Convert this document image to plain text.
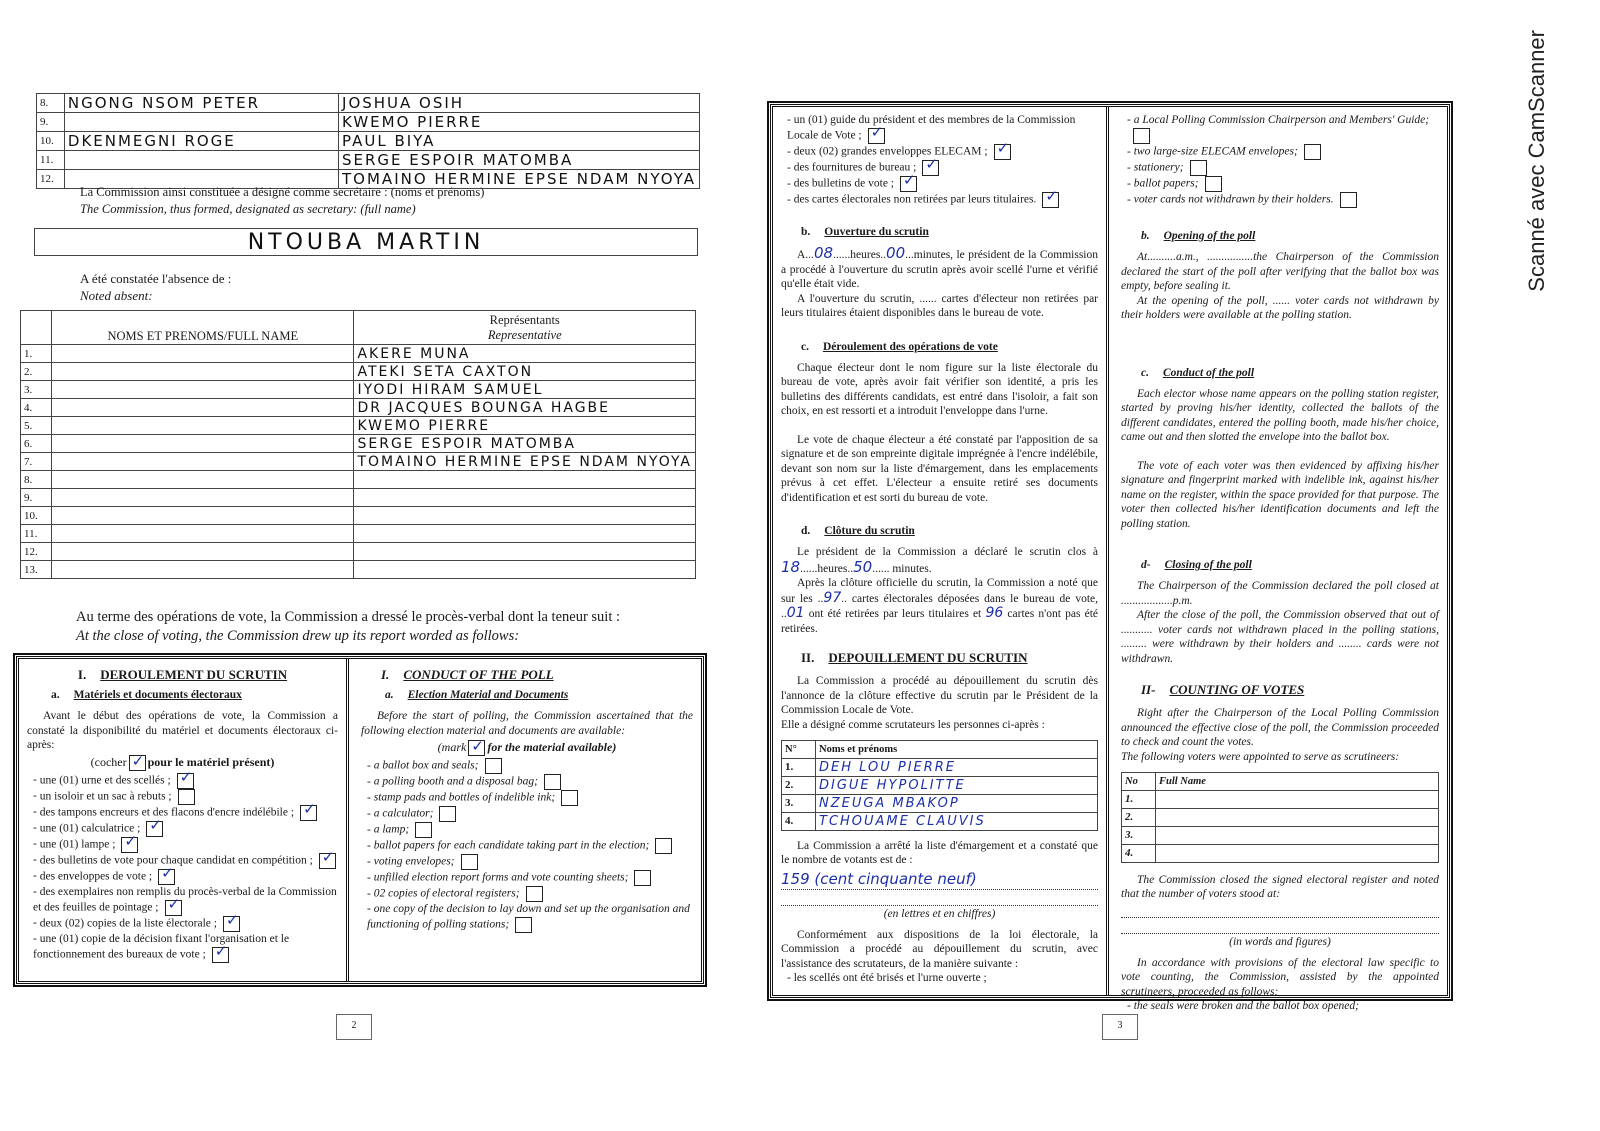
8.	NGONG NSOM PETER	JOSHUA OSIH
9.		KWEMO PIERRE
10.	DKENMEGNI ROGE	PAUL BIYA
11.		SERGE ESPOIR MATOMBA
12.		TOMAINO HERMINE EPSE NDAM NYOYA
La Commission ainsi constituée a désigné comme secrétaire : (noms et prénoms)
The Commission, thus formed, designated as secretary: (full name)
NTOUBA MARTIN
A été constatée l'absence de :
Noted absent:
	NOMS ET PRENOMS/FULL NAME	Représentants
Representative

1.		AKERE MUNA
2.		ATEKI SETA CAXTON
3.		IYODI HIRAM SAMUEL
4.		DR JACQUES BOUNGA HAGBE
5.		KWEMO PIERRE
6.		SERGE ESPOIR MATOMBA
7.		TOMAINO HERMINE EPSE NDAM NYOYA
8.		
9.		
10.		
11.		
12.		
13.		
Au terme des opérations de vote, la Commission a dressé le procès-verbal dont la teneur suit :
At the close of voting, the Commission drew up its report worded as follows:
I. DEROULEMENT DU SCRUTIN
a. Matériels et documents électoraux
Avant le début des opérations de vote, la Commission a constaté la disponibilité du matériel et documents électoraux ci-après:
(cocher ✓ pour le matériel présent)
- une (01) urne et des scellés ;✓
- un isoloir et un sac à rebuts ;
- des tampons encreurs et des flacons d'encre indélébile ;✓
- une (01) calculatrice ;✓
- une (01) lampe ;✓
- des bulletins de vote pour chaque candidat en compétition ;✓
- des enveloppes de vote ;✓
- des exemplaires non remplis du procès-verbal de la Commission et des feuilles de pointage ;✓
- deux (02) copies de la liste électorale ;✓
- une (01) copie de la décision fixant l'organisation et le fonctionnement des bureaux de vote ;✓
I. CONDUCT OF THE POLL
a. Election Material and Documents
Before the start of polling, the Commission ascertained that the following election material and documents are available:
(mark ✓ for the material available)
- a ballot box and seals;
- a polling booth and a disposal bag;
- stamp pads and bottles of indelible ink;
- a calculator;
- a lamp;
- ballot papers for each candidate taking part in the election;
- voting envelopes;
- unfilled election report forms and vote counting sheets;
- 02 copies of electoral registers;
- one copy of the decision to lay down and set up the organisation and functioning of polling stations;
2
- un (01) guide du président et des membres de la Commission Locale de Vote ;✓
- deux (02) grandes enveloppes ELECAM ;✓
- des fournitures de bureau ;✓
- des bulletins de vote ;✓
- des cartes électorales non retirées par leurs titulaires.✓
b. Ouverture du scrutin
A...08......heures..00...minutes, le président de la Commission a procédé à l'ouverture du scrutin après avoir scellé l'urne et vérifié qu'elle était vide.
A l'ouverture du scrutin, ...... cartes d'électeur non retirées par leurs titulaires étaient disponibles dans le bureau de vote.
c. Déroulement des opérations de vote
Chaque électeur dont le nom figure sur la liste électorale du bureau de vote, après avoir fait vérifier son identité, a pris les bulletins des différents candidats, est entré dans l'isoloir, a fait son choix, en est ressorti et a introduit l'enveloppe dans l'urne.
Le vote de chaque électeur a été constaté par l'apposition de sa signature et de son empreinte digitale imprégnée à l'encre indélébile, devant son nom sur la liste d'émargement, dans les emplacements prévus à cet effet. L'électeur a ensuite retiré ses documents d'identification et est sorti du bureau de vote.
d. Clôture du scrutin
Le président de la Commission a déclaré le scrutin clos à 18......heures..50...... minutes.
Après la clôture officielle du scrutin, la Commission a noté que sur les ..97.. cartes électorales déposées dans le bureau de vote, ..01 ont été retirées par leurs titulaires et 96 cartes n'ont pas été retirées.
II. DEPOUILLEMENT DU SCRUTIN
La Commission a procédé au dépouillement du scrutin dès l'annonce de la clôture effective du scrutin par le Président de la Commission Locale de Vote.
Elle a désigné comme scrutateurs les personnes ci-après :
N°	Noms et prénoms
1.	DEH LOU PIERRE
2.	DIGUE HYPOLITTE
3.	NZEUGA MBAKOP
4.	TCHOUAME CLAUVIS
La Commission a arrêté la liste d'émargement et a constaté que le nombre de votants est de :
159 (cent cinquante neuf)
(en lettres et en chiffres)
Conformément aux dispositions de la loi électorale, la Commission a procédé au dépouillement du scrutin, avec l'assistance des scrutateurs, de la manière suivante :
- les scellés ont été brisés et l'urne ouverte ;
- a Local Polling Commission Chairperson and Members' Guide;
- two large-size ELECAM envelopes;
- stationery;
- ballot papers;
- voter cards not withdrawn by their holders.
b. Opening of the poll
At..........a.m., ................the Chairperson of the Commission declared the start of the poll after verifying that the ballot box was empty, before sealing it.
At the opening of the poll, ...... voter cards not withdrawn by their holders were available at the polling station.
c. Conduct of the poll
Each elector whose name appears on the polling station register, started by proving his/her identity, collected the ballots of the different candidates, entered the polling booth, made his/her choice, came out and then slotted the envelope into the ballot box.
The vote of each voter was then evidenced by affixing his/her signature and fingerprint marked with indelible ink, against his/her name on the register, within the space provided for that purpose. The voter then collected his/her identification documents and left the polling station.
d- Closing of the poll
The Chairperson of the Commission declared the poll closed at ..................p.m.
After the close of the poll, the Commission observed that out of ........... voter cards not withdrawn placed in the polling stations, ......... were withdrawn by their holders and ........ cards were not withdrawn.
II- COUNTING OF VOTES
Right after the Chairperson of the Local Polling Commission announced the effective close of the poll, the Commission proceeded to check and count the votes.
The following voters were appointed to serve as scrutineers:
No	Full Name
1.	
2.	
3.	
4.	
The Commission closed the signed electoral register and noted that the number of voters stood at:
(in words and figures)
In accordance with provisions of the electoral law specific to vote counting, the Commission, assisted by the appointed scrutineers, proceeded as follows:
- the seals were broken and the ballot box opened;
3
Scanné avec CamScanner
